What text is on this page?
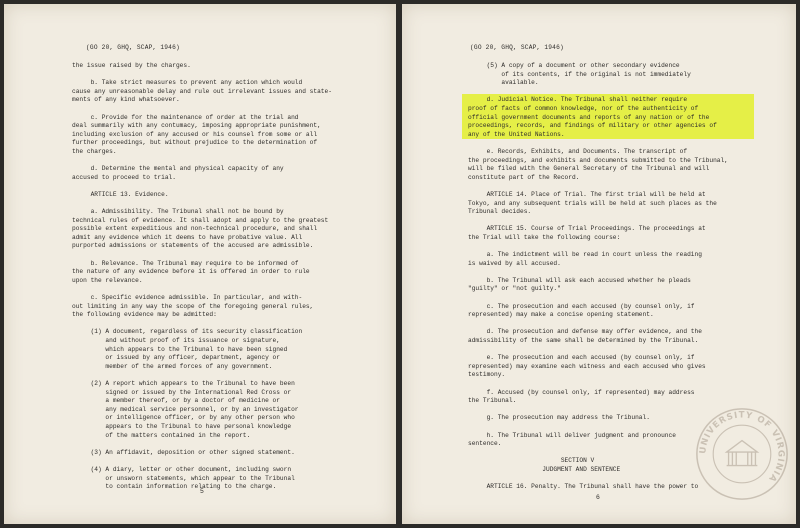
(GO 20, GHQ, SCAP, 1946)
the issue raised by the charges.

b. Take strict measures to prevent any action which would
cause any unreasonable delay and rule out irrelevant issues and state-
ments of any kind whatsoever.

c. Provide for the maintenance of order at the trial and
deal summarily with any contumacy, imposing appropriate punishment,
including exclusion of any accused or his counsel from some or all
further proceedings, but without prejudice to the determination of
the charges.

d. Determine the mental and physical capacity of any
accused to proceed to trial.

ARTICLE 13. Evidence.

a. Admissibility. The Tribunal shall not be bound by
technical rules of evidence. It shall adopt and apply to the greatest
possible extent expeditious and non-technical procedure, and shall
admit any evidence which it deems to have probative value. All
purported admissions or statements of the accused are admissible.

b. Relevance. The Tribunal may require to be informed of
the nature of any evidence before it is offered in order to rule
upon the relevance.

c. Specific evidence admissible. In particular, and with-
out limiting in any way the scope of the foregoing general rules,
the following evidence may be admitted:

(1) A document, regardless of its security classification
and without proof of its issuance or signature,
which appears to the Tribunal to have been signed
or issued by any officer, department, agency or
member of the armed forces of any government.

(2) A report which appears to the Tribunal to have been
signed or issued by the International Red Cross or
a member thereof, or by a doctor of medicine or
any medical service personnel, or by an investigator
or intelligence officer, or by any other person who
appears to the Tribunal to have personal knowledge
of the matters contained in the report.

(3) An affidavit, deposition or other signed statement.

(4) A diary, letter or other document, including sworn
or unsworn statements, which appear to the Tribunal
to contain information relating to the charge.
5
(GO 20, GHQ, SCAP, 1946)
(5) A copy of a document or other secondary evidence
of its contents, if the original is not immediately
available.

d. Judicial Notice. The Tribunal shall neither require
proof of facts of common knowledge, nor of the authenticity of
official government documents and reports of any nation or of the
proceedings, records, and findings of military or other agencies of
any of the United Nations.

e. Records, Exhibits, and Documents. The transcript of
the proceedings, and exhibits and documents submitted to the Tribunal,
will be filed with the General Secretary of the Tribunal and will
constitute part of the Record.

ARTICLE 14. Place of Trial. The first trial will be held at
Tokyo, and any subsequent trials will be held at such places as the
Tribunal decides.

ARTICLE 15. Course of Trial Proceedings. The proceedings at
the Trial will take the following course:

a. The indictment will be read in court unless the reading
is waived by all accused.

b. The Tribunal will ask each accused whether he pleads
"guilty" or "not guilty."

c. The prosecution and each accused (by counsel only, if
represented) may make a concise opening statement.

d. The prosecution and defense may offer evidence, and the
admissibility of the same shall be determined by the Tribunal.

e. The prosecution and each accused (by counsel only, if
represented) may examine each witness and each accused who gives
testimony.

f. Accused (by counsel only, if represented) may address
the Tribunal.

g. The prosecution may address the Tribunal.

h. The Tribunal will deliver judgment and pronounce
sentence.

SECTION V
JUDGMENT AND SENTENCE

ARTICLE 16. Penalty. The Tribunal shall have the power to
6
UNIVERSITY OF VIRGINIA
